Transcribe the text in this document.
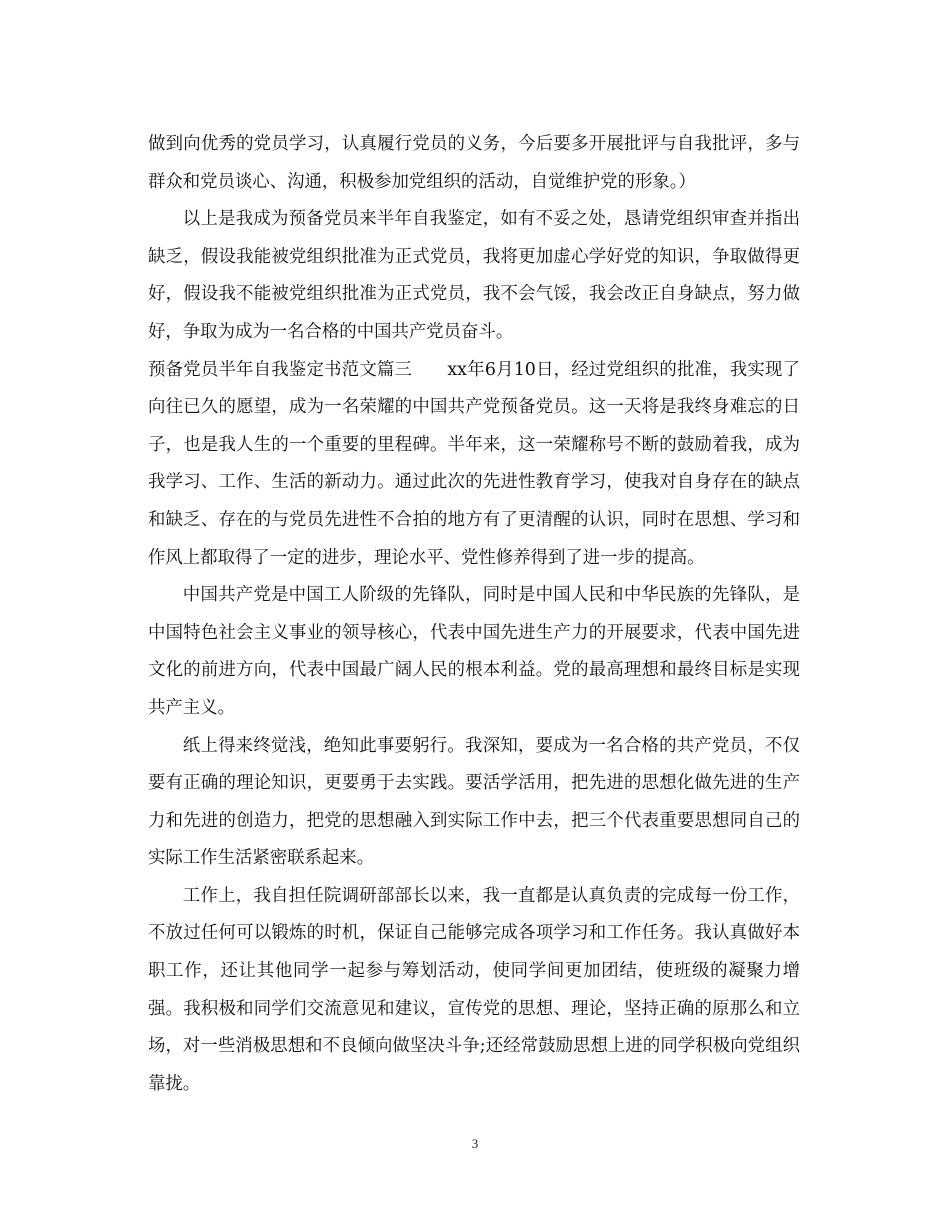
做到向优秀的党员学习，认真履行党员的义务，今后要多开展批评与自我批评，多与群众和党员谈心、沟通，积极参加党组织的活动，自觉维护党的形象。）

以上是我成为预备党员来半年自我鉴定，如有不妥之处，恳请党组织审查并指出缺乏，假设我能被党组织批准为正式党员，我将更加虚心学好党的知识，争取做得更好，假设我不能被党组织批准为正式党员，我不会气馁，我会改正自身缺点，努力做好，争取为成为一名合格的中国共产党员奋斗。

预备党员半年自我鉴定书范文篇三　　xx年6月10日，经过党组织的批准，我实现了向往已久的愿望，成为一名荣耀的中国共产党预备党员。这一天将是我终身难忘的日子，也是我人生的一个重要的里程碑。半年来，这一荣耀称号不断的鼓励着我，成为我学习、工作、生活的新动力。通过此次的先进性教育学习，使我对自身存在的缺点和缺乏、存在的与党员先进性不合拍的地方有了更清醒的认识，同时在思想、学习和作风上都取得了一定的进步，理论水平、党性修养得到了进一步的提高。

中国共产党是中国工人阶级的先锋队，同时是中国人民和中华民族的先锋队，是中国特色社会主义事业的领导核心，代表中国先进生产力的开展要求，代表中国先进文化的前进方向，代表中国最广阔人民的根本利益。党的最高理想和最终目标是实现共产主义。

纸上得来终觉浅，绝知此事要躬行。我深知，要成为一名合格的共产党员，不仅要有正确的理论知识，更要勇于去实践。要活学活用，把先进的思想化做先进的生产力和先进的创造力，把党的思想融入到实际工作中去，把三个代表重要思想同自己的实际工作生活紧密联系起来。

工作上，我自担任院调研部部长以来，我一直都是认真负责的完成每一份工作，不放过任何可以锻炼的时机，保证自己能够完成各项学习和工作任务。我认真做好本职工作，还让其他同学一起参与筹划活动，使同学间更加团结，使班级的凝聚力增强。我积极和同学们交流意见和建议，宣传党的思想、理论，坚持正确的原那么和立场，对一些消极思想和不良倾向做坚决斗争;还经常鼓励思想上进的同学积极向党组织靠拢。

3
